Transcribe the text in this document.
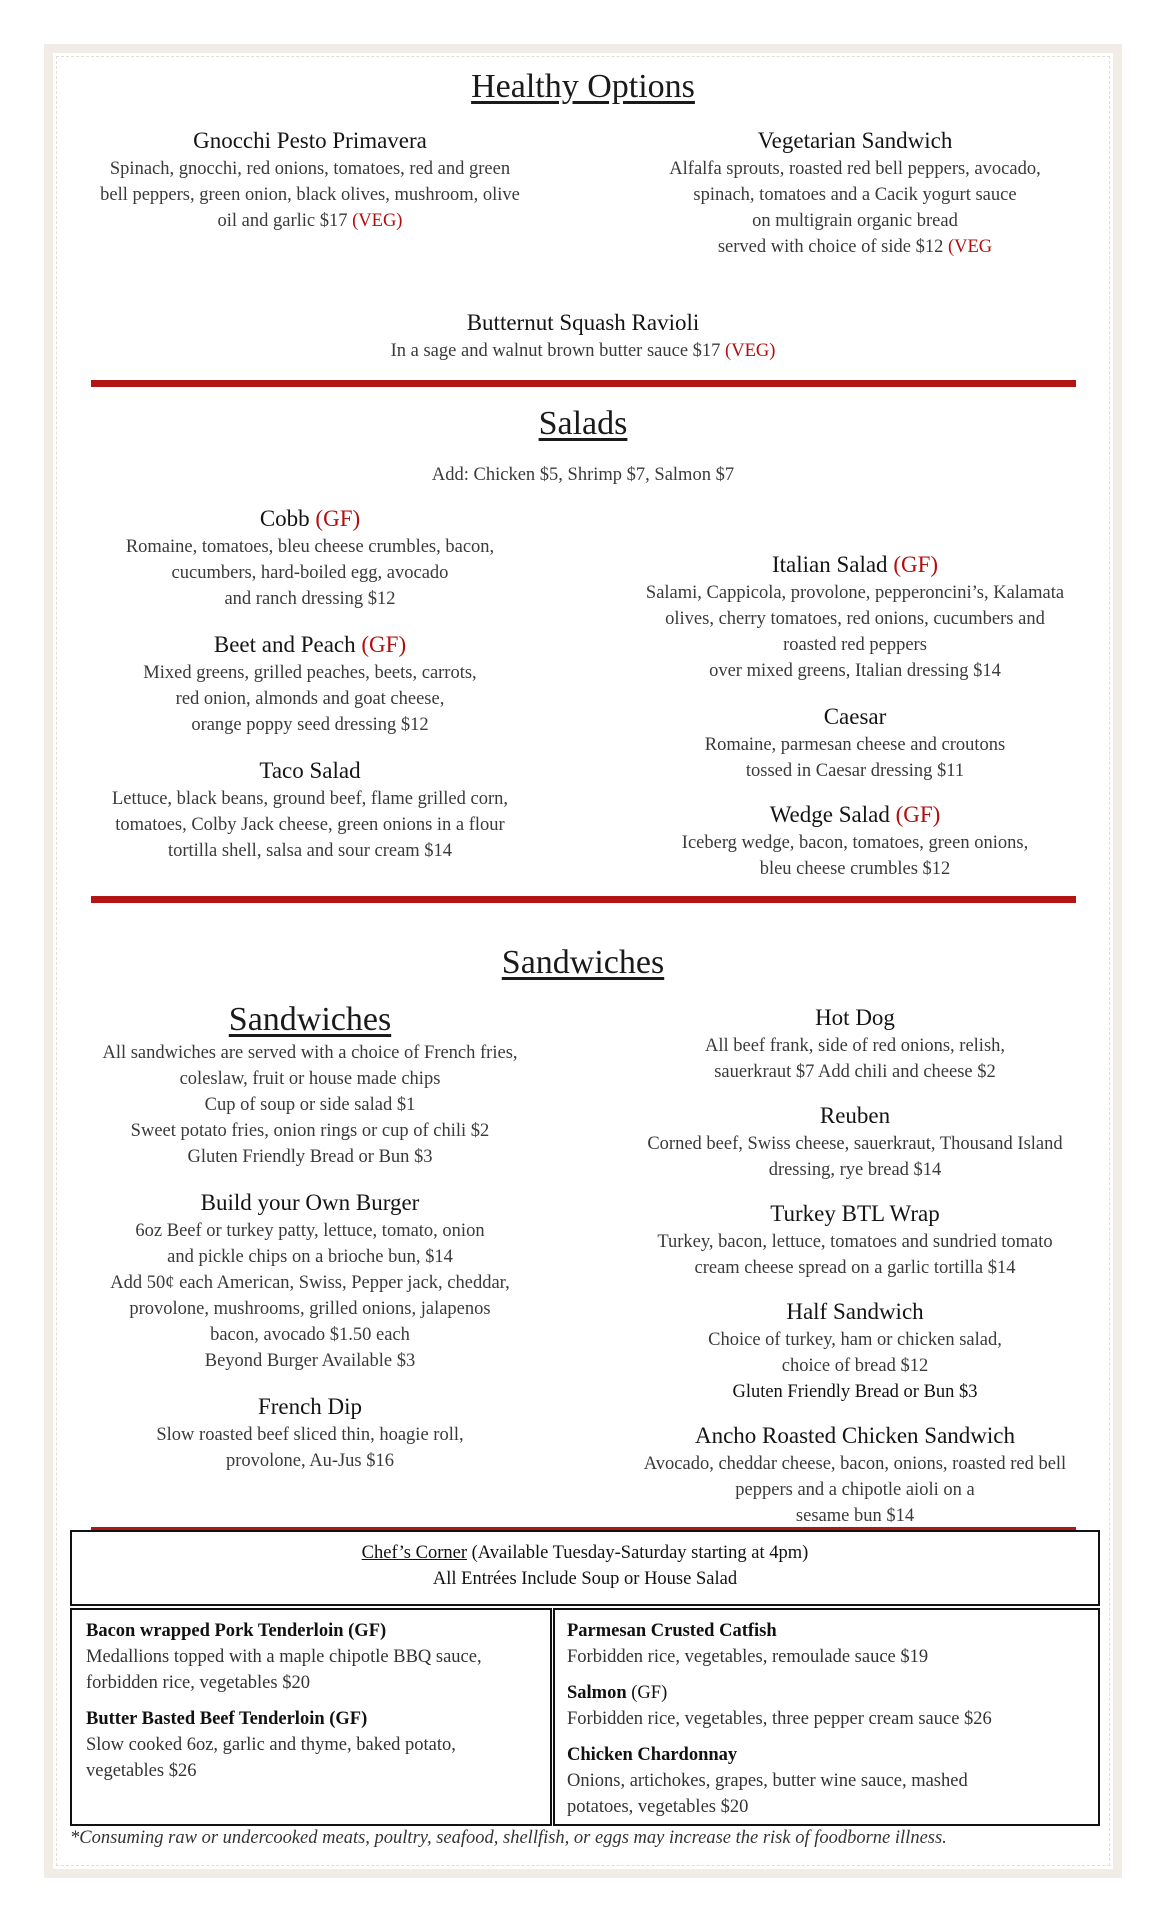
Healthy Options
Gnocchi Pesto Primavera
Spinach, gnocchi, red onions, tomatoes, red and green
bell peppers, green onion, black olives, mushroom, olive
oil and garlic $17 (VEG)
Vegetarian Sandwich
Alfalfa sprouts, roasted red bell peppers, avocado,
spinach, tomatoes and a Cacik yogurt sauce
on multigrain organic bread
served with choice of side $12 (VEG
Butternut Squash Ravioli
In a sage and walnut brown butter sauce $17 (VEG)
Salads
Add: Chicken $5, Shrimp $7, Salmon $7
Cobb (GF)
Romaine, tomatoes, bleu cheese crumbles, bacon,
cucumbers, hard-boiled egg, avocado
and ranch dressing $12
Beet and Peach (GF)
Mixed greens, grilled peaches, beets, carrots,
red onion, almonds and goat cheese,
orange poppy seed dressing $12
Taco Salad
Lettuce, black beans, ground beef, flame grilled corn,
tomatoes, Colby Jack cheese, green onions in a flour
tortilla shell, salsa and sour cream $14
Italian Salad (GF)
Salami, Cappicola, provolone, pepperoncini’s, Kalamata
olives, cherry tomatoes, red onions, cucumbers and
roasted red peppers
over mixed greens, Italian dressing $14
Caesar
Romaine, parmesan cheese and croutons
tossed in Caesar dressing $11
Wedge Salad (GF)
Iceberg wedge, bacon, tomatoes, green onions,
bleu cheese crumbles $12
Sandwiches
Sandwiches
All sandwiches are served with a choice of French fries,
coleslaw, fruit or house made chips
Cup of soup or side salad $1
Sweet potato fries, onion rings or cup of chili $2
Gluten Friendly Bread or Bun $3
Build your Own Burger
6oz Beef or turkey patty, lettuce, tomato, onion
and pickle chips on a brioche bun, $14
Add 50¢ each American, Swiss, Pepper jack, cheddar,
provolone, mushrooms, grilled onions, jalapenos
bacon, avocado $1.50 each
Beyond Burger Available $3
French Dip
Slow roasted beef sliced thin, hoagie roll,
provolone, Au-Jus $16
Hot Dog
All beef frank, side of red onions, relish,
sauerkraut $7 Add chili and cheese $2
Reuben
Corned beef, Swiss cheese, sauerkraut, Thousand Island
dressing, rye bread $14
Turkey BTL Wrap
Turkey, bacon, lettuce, tomatoes and sundried tomato
cream cheese spread on a garlic tortilla $14
Half Sandwich
Choice of turkey, ham or chicken salad,
choice of bread $12
Gluten Friendly Bread or Bun $3
Ancho Roasted Chicken Sandwich
Avocado, cheddar cheese, bacon, onions, roasted red bell
peppers and a chipotle aioli on a
sesame bun $14
Chef’s Corner (Available Tuesday-Saturday starting at 4pm)
All Entrées Include Soup or House Salad
Bacon wrapped Pork Tenderloin (GF)
Medallions topped with a maple chipotle BBQ sauce,
forbidden rice, vegetables $20
Butter Basted Beef Tenderloin (GF)
Slow cooked 6oz, garlic and thyme, baked potato,
vegetables $26
Parmesan Crusted Catfish
Forbidden rice, vegetables, remoulade sauce $19
Salmon (GF)
Forbidden rice, vegetables, three pepper cream sauce $26
Chicken Chardonnay
Onions, artichokes, grapes, butter wine sauce, mashed
potatoes, vegetables $20
*Consuming raw or undercooked meats, poultry, seafood, shellfish, or eggs may increase the risk of foodborne illness.
